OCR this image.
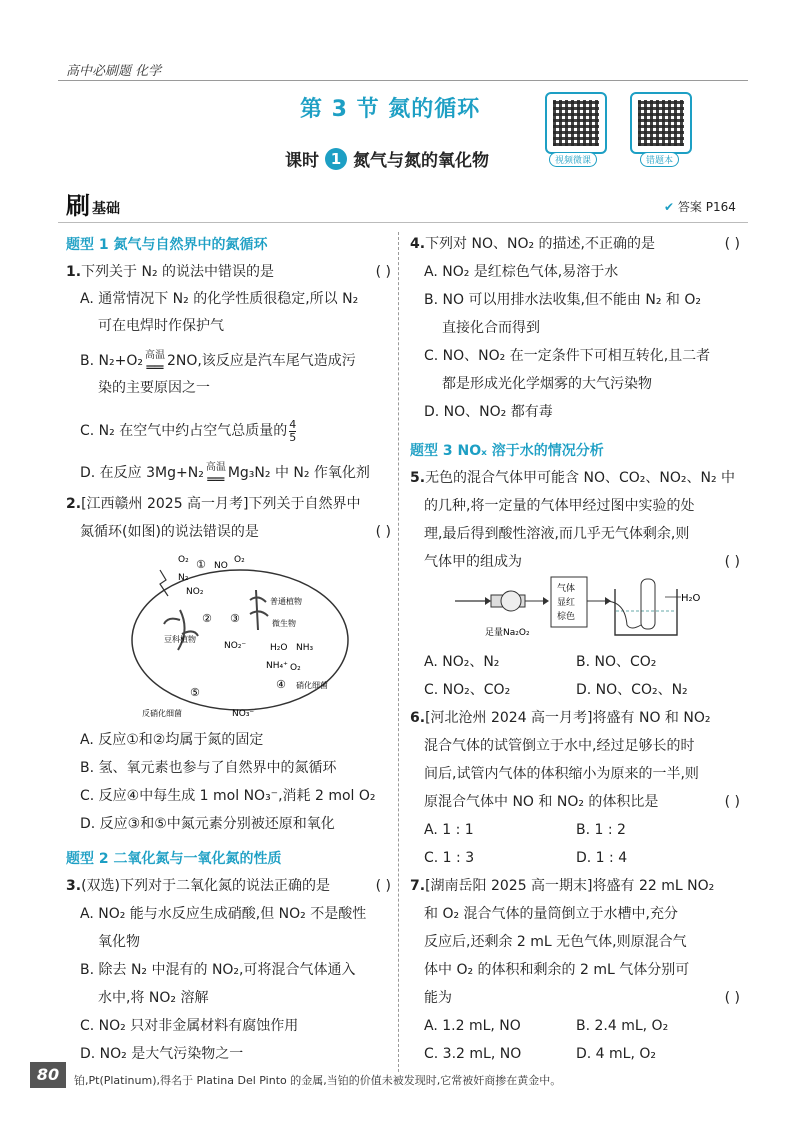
高中必刷题 化学
第 3 节 氮的循环
课时 1 氮气与氮的氧化物	视频微课	错题本
刷 基础	✔ 答案 P164
题型 1 氮气与自然界中的氮循环
1.下列关于 N₂ 的说法中错误的是	( )
A. 通常情况下 N₂ 的化学性质很稳定,所以 N₂
可在电焊时作保护气
B. N₂+O₂ 高温
══ 2NO,该反应是汽车尾气造成污
染的主要原因之一
C. N₂ 在空气中约占空气总质量的 $\frac{4}{5}$
D. 在反应 3Mg+N₂ 高温
══ Mg₃N₂ 中 N₂ 作氧化剂
2.[江西赣州 2025 高一月考]下列关于自然界中
氮循环(如图)的说法错误的是	( )
O₂
N₂
① NO
O₂
NO₂
② ③
豆科植物
普通植物
微生物
NO₂⁻	H₂O NH₃
NH₄⁺ O₂
④ 硝化细菌
⑤
反硝化细菌	NO₃⁻
A. 反应①和②均属于氮的固定
B. 氢、氧元素也参与了自然界中的氮循环
C. 反应④中每生成 1 mol NO₃⁻,消耗 2 mol O₂
D. 反应③和⑤中氮元素分别被还原和氧化
题型 2 二氧化氮与一氧化氮的性质
3.(双选)下列对于二氧化氮的说法正确的是	( )
A. NO₂ 能与水反应生成硝酸,但 NO₂ 不是酸性
氧化物
B. 除去 N₂ 中混有的 NO₂,可将混合气体通入
水中,将 NO₂ 溶解
C. NO₂ 只对非金属材料有腐蚀作用
D. NO₂ 是大气污染物之一
4.下列对 NO、NO₂ 的描述,不正确的是	( )
A. NO₂ 是红棕色气体,易溶于水
B. NO 可以用排水法收集,但不能由 N₂ 和 O₂
直接化合而得到
C. NO、NO₂ 在一定条件下可相互转化,且二者
都是形成光化学烟雾的大气污染物
D. NO、NO₂ 都有毒
题型 3 NOₓ 溶于水的情况分析
5.无色的混合气体甲可能含 NO、CO₂、NO₂、N₂ 中
的几种,将一定量的气体甲经过图中实验的处
理,最后得到酸性溶液,而几乎无气体剩余,则
气体甲的组成为	( )
足量Na₂O₂
气体
显红
棕色
H₂O
A. NO₂、N₂	B. NO、CO₂
C. NO₂、CO₂	D. NO、CO₂、N₂
6.[河北沧州 2024 高一月考]将盛有 NO 和 NO₂
混合气体的试管倒立于水中,经过足够长的时
间后,试管内气体的体积缩小为原来的一半,则
原混合气体中 NO 和 NO₂ 的体积比是	( )
A. 1 : 1	B. 1 : 2
C. 1 : 3	D. 1 : 4
7.[湖南岳阳 2025 高一期末]将盛有 22 mL NO₂
和 O₂ 混合气体的量筒倒立于水槽中,充分
反应后,还剩余 2 mL 无色气体,则原混合气
体中 O₂ 的体积和剩余的 2 mL 气体分别可
能为	( )
A. 1.2 mL, NO	B. 2.4 mL, O₂
C. 3.2 mL, NO	D. 4 mL, O₂
80	铂,Pt(Platinum),得名于 Platina Del Pinto 的金属,当铂的价值未被发现时,它常被奸商掺在黄金中。
